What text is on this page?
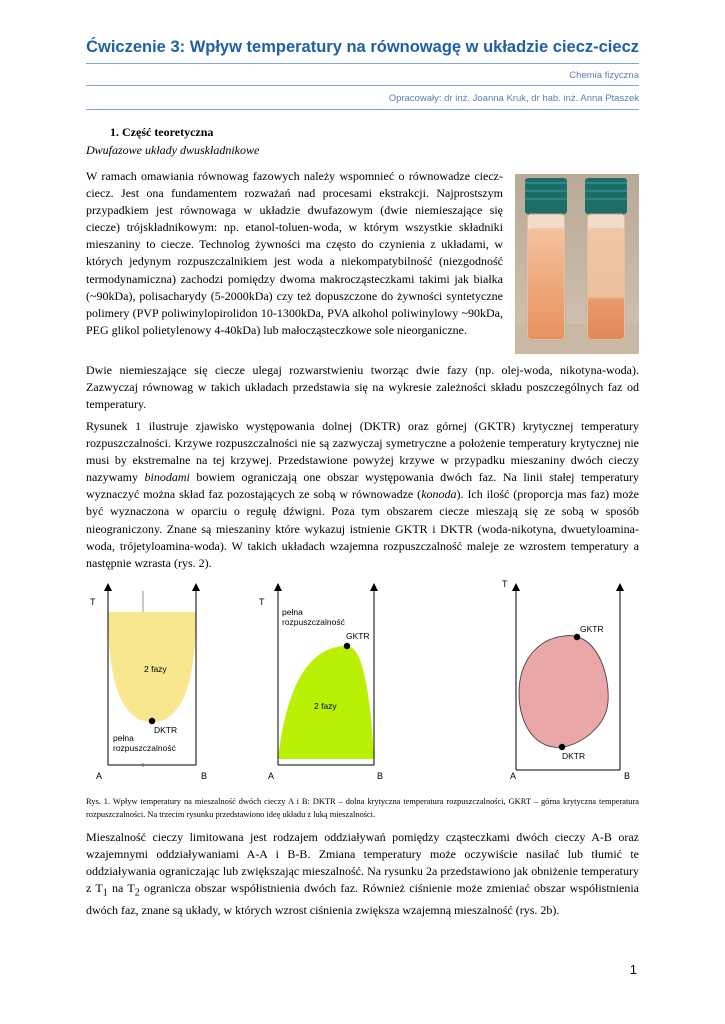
Ćwiczenie 3: Wpływ temperatury na równowagę w układzie ciecz-ciecz
Chemia fizyczna
Opracowały: dr inż. Joanna Kruk, dr hab. inż. Anna Ptaszek
1. Część teoretyczna
Dwufazowe układy dwuskładnikowe

W ramach omawiania równowag fazowych należy wspomnieć o równowadze ciecz-ciecz. Jest ona fundamentem rozważań nad procesami ekstrakcji. Najprostszym przypadkiem jest równowaga w układzie dwufazowym (dwie niemieszające się ciecze) trójskładnikowym: np. etanol-toluen-woda, w którym wszystkie składniki mieszaniny to ciecze. Technolog żywności ma często do czynienia z układami, w których jedynym rozpuszczalnikiem jest woda a niekompatybilność (niezgodność termodynamiczna) zachodzi pomiędzy dwoma makrocząsteczkami takimi jak białka (~90kDa), polisacharydy (5-2000kDa) czy też dopuszczone do żywności syntetyczne polimery (PVP poliwinylopirolidon 10-1300kDa, PVA alkohol poliwinylowy ~90kDa, PEG glikol polietylenowy 4-40kDa) lub małocząsteczkowe sole nieorganiczne.

Dwie niemieszające się ciecze ulegaj rozwarstwieniu tworząc dwie fazy (np. olej-woda, nikotyna-woda). Zazwyczaj równowag w takich układach przedstawia się na wykresie zależności składu poszczególnych faz od temperatury.

Rysunek 1 ilustruje zjawisko występowania dolnej (DKTR) oraz górnej (GKTR) krytycznej temperatury rozpuszczalności. Krzywe rozpuszczalności nie są zazwyczaj symetryczne a położenie temperatury krytycznej nie musi by ekstremalne na tej krzywej. Przedstawione powyżej krzywe w przypadku mieszaniny dwóch cieczy nazywamy binodami bowiem ograniczają one obszar występowania dwóch faz. Na linii stałej temperatury wyznaczyć można skład faz pozostających ze sobą w równowadze (konoda). Ich ilość (proporcja mas faz) może być wyznaczona w oparciu o regułę dźwigni. Poza tym obszarem ciecze mieszają się ze sobą w sposób nieograniczony. Znane są mieszaniny które wykazuj istnienie GKTR i DKTR (woda-nikotyna, dwuetyloamina-woda, trójetyloamina-woda). W takich układach wzajemna rozpuszczalność maleje ze wzrostem temperatury a następnie wzrasta (rys. 2).

T
2 fazy
DKTR
pełna
rozpuszczalność
A	B
T
pełna
rozpuszczalność
GKTR
2 fazy
A	B
T
GKTR
DKTR
A	B

Rys. 1. Wpływ temperatury na mieszalność dwóch cieczy A i B: DKTR – dolna krytyczna temperatura rozpuszczalności, GKRT – górna krytyczna temperatura rozpuszczalności. Na trzecim rysunku przedstawiono ideę układu z luką mieszalności.

Mieszalność cieczy limitowana jest rodzajem oddziaływań pomiędzy cząsteczkami dwóch cieczy A-B oraz wzajemnymi oddziaływaniami A-A i B-B. Zmiana temperatury może oczywiście nasilać lub tłumić te oddziaływania ograniczając lub zwiększając mieszalność. Na rysunku 2a przedstawiono jak obniżenie temperatury z $T_1$ na $T_2$ ogranicza obszar współistnienia dwóch faz. Również ciśnienie może zmieniać obszar współistnienia dwóch faz, znane są układy, w których wzrost ciśnienia zwiększa wzajemną mieszalność (rys. 2b).

1
